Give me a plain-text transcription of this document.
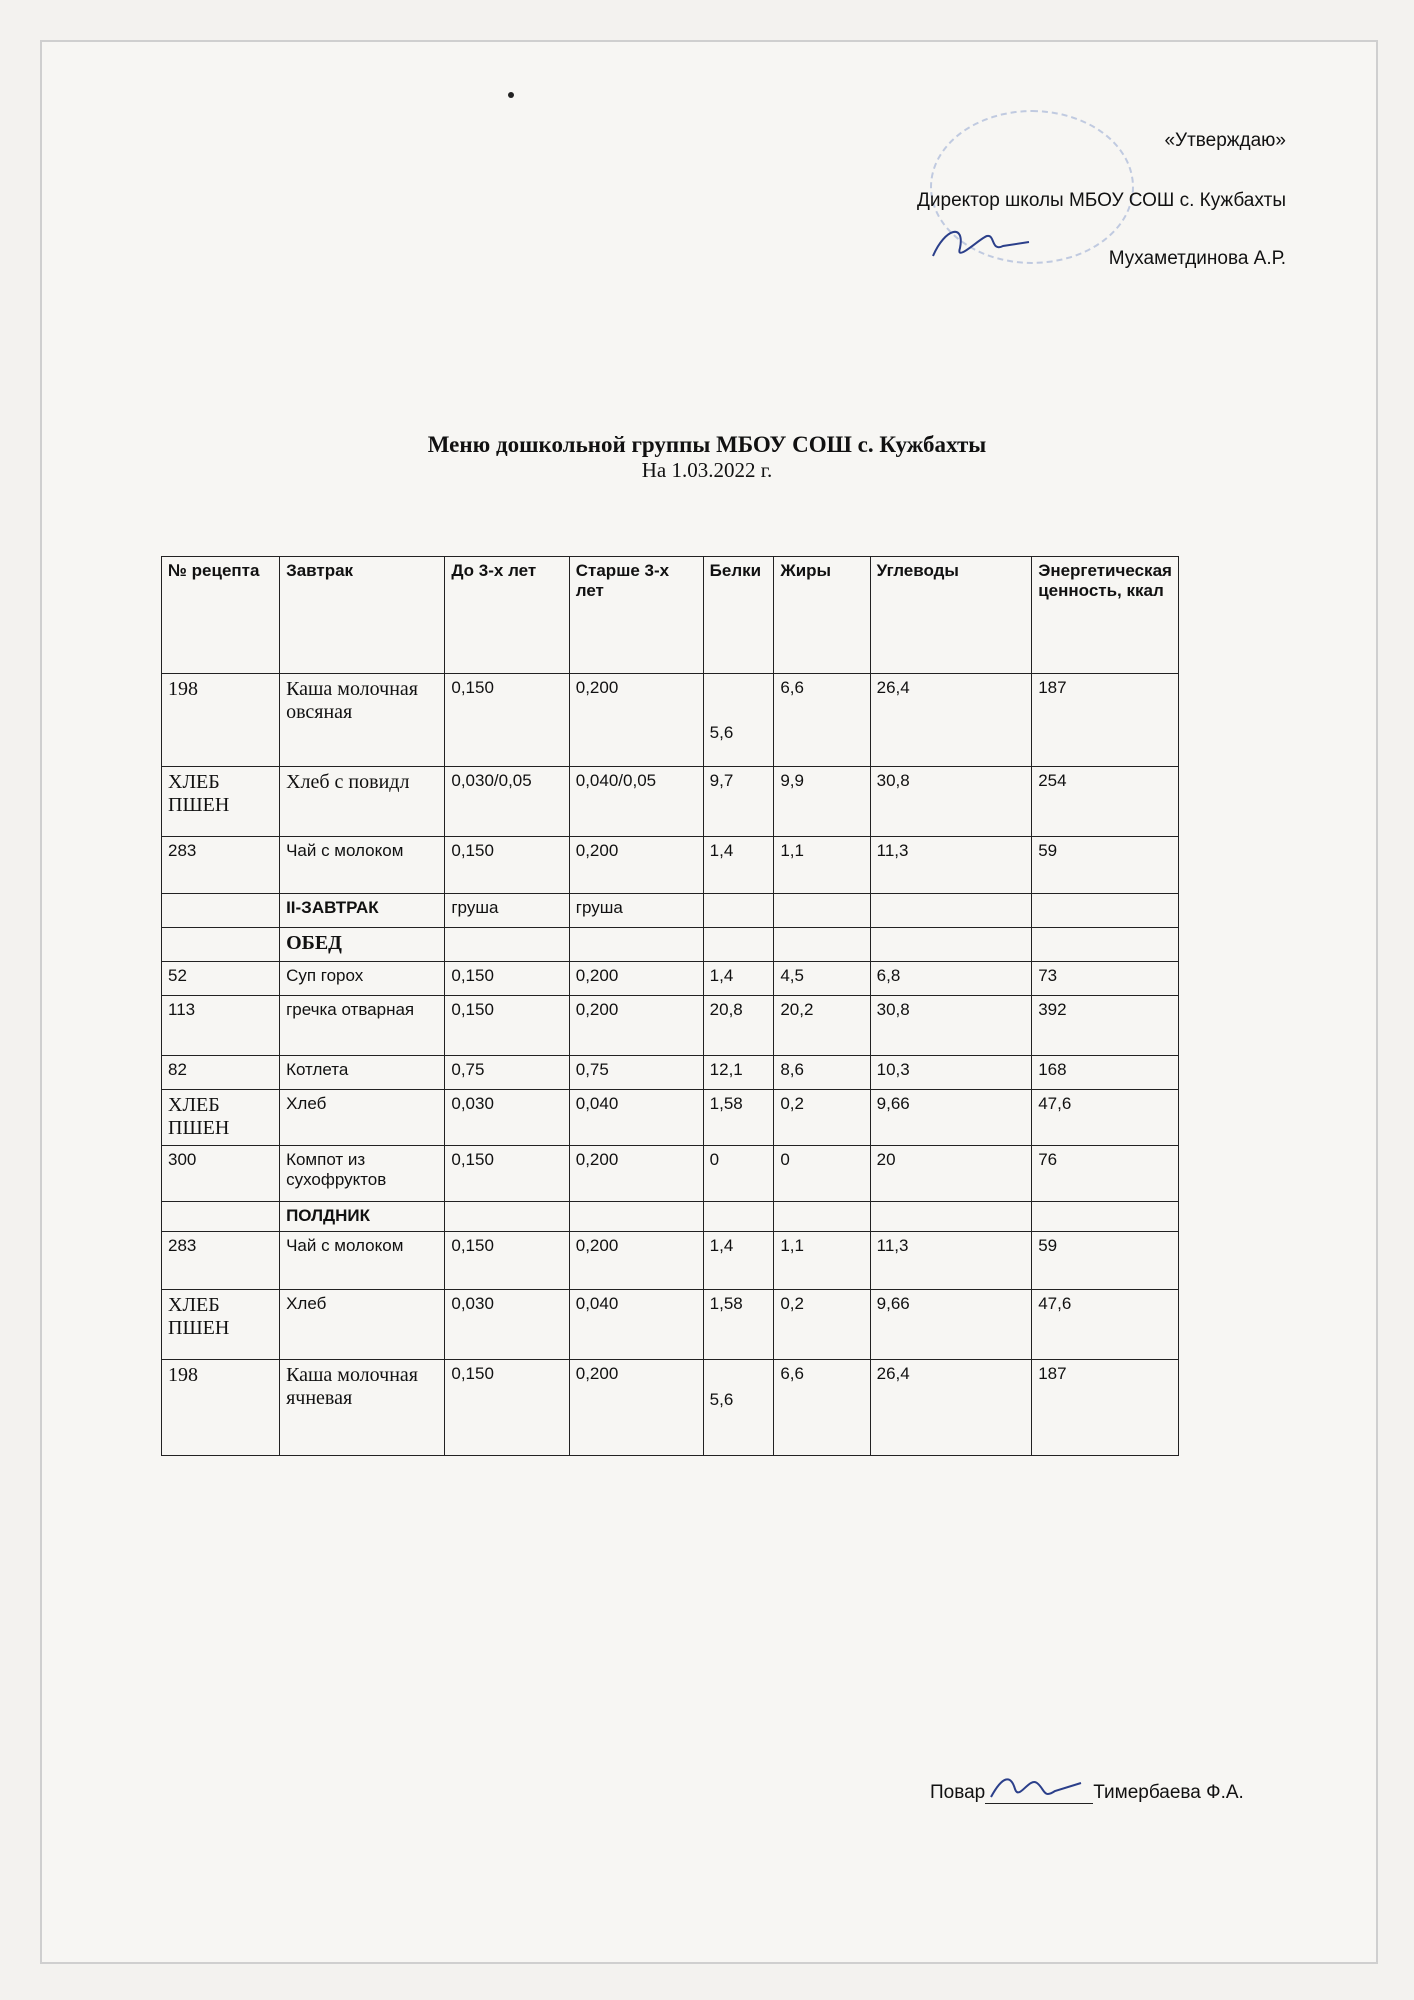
«Утверждаю»
Директор школы МБОУ СОШ с. Кужбахты
Мухаметдинова А.Р.
Меню дошкольной группы МБОУ СОШ с. Кужбахты
На 1.03.2022 г.
№ рецепта	Завтрак	До 3-х лет	Старше 3-х лет	Белки	Жиры	Углеводы	Энергетическая ценность, ккал
198	Каша молочная овсяная	0,150	0,200	5,6	6,6	26,4	187
ХЛЕБ ПШЕН	Хлеб с повидл	0,030/0,05	0,040/0,05	9,7	9,9	30,8	254
283	Чай с молоком	0,150	0,200	1,4	1,1	11,3	59
	II-ЗАВТРАК	груша	груша				
	ОБЕД						
52	Суп горох	0,150	0,200	1,4	4,5	6,8	73
113	гречка отварная	0,150	0,200	20,8	20,2	30,8	392
82	Котлета	0,75	0,75	12,1	8,6	10,3	168
ХЛЕБ ПШЕН	Хлеб	0,030	0,040	1,58	0,2	9,66	47,6
300	Компот из сухофруктов	0,150	0,200	0	0	20	76
	ПОЛДНИК						
283	Чай с молоком	0,150	0,200	1,4	1,1	11,3	59
ХЛЕБ ПШЕН	Хлеб	0,030	0,040	1,58	0,2	9,66	47,6
198	Каша молочная ячневая	0,150	0,200	5,6	6,6	26,4	187
Повар	Тимербаева Ф.А.
